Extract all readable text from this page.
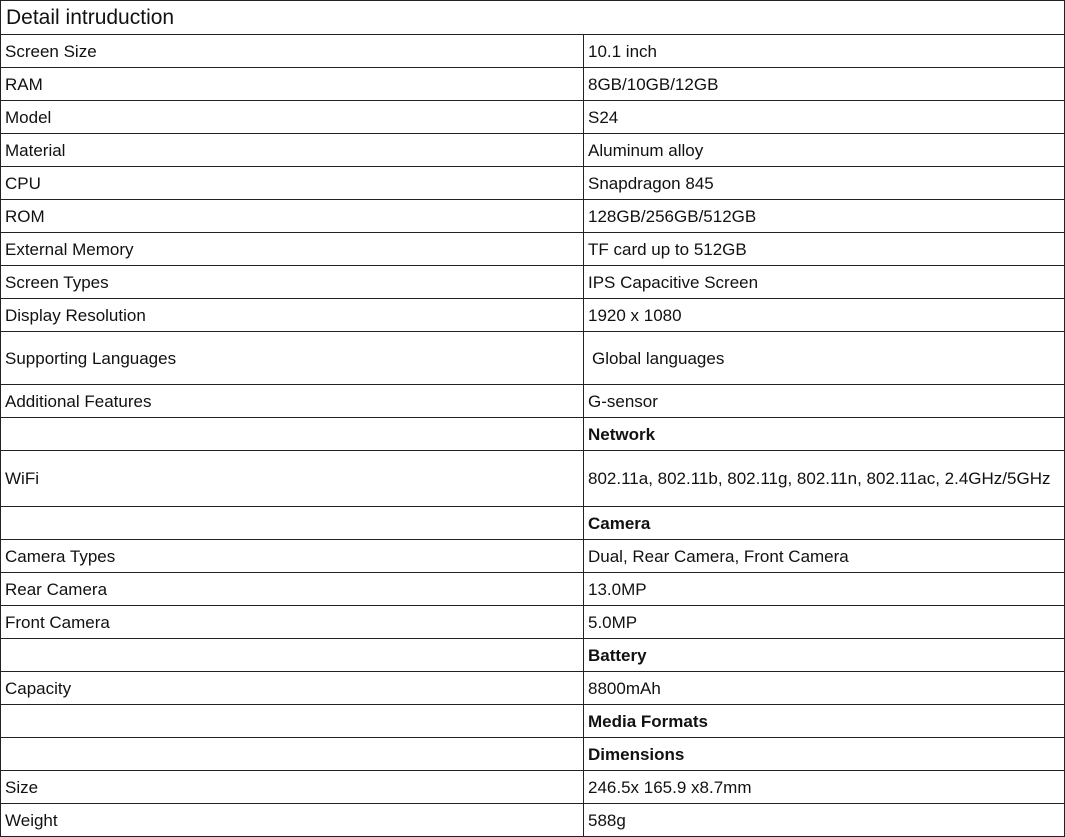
Detail intruduction	
Screen Size	10.1 inch
RAM	8GB/10GB/12GB
Model	S24
Material	Aluminum alloy
CPU	Snapdragon 845
ROM	128GB/256GB/512GB
External Memory	TF card up to 512GB
Screen Types	IPS Capacitive Screen
Display Resolution	1920 x 1080
Supporting Languages	Global languages
Additional Features	G-sensor
	Network
WiFi	802.11a, 802.11b, 802.11g, 802.11n, 802.11ac, 2.4GHz/5GHz
	Camera
Camera Types	Dual, Rear Camera, Front Camera
Rear Camera	13.0MP
Front Camera	5.0MP
	Battery
Capacity	8800mAh
	Media Formats
	Dimensions
Size	246.5x 165.9 x8.7mm
Weight	588g
